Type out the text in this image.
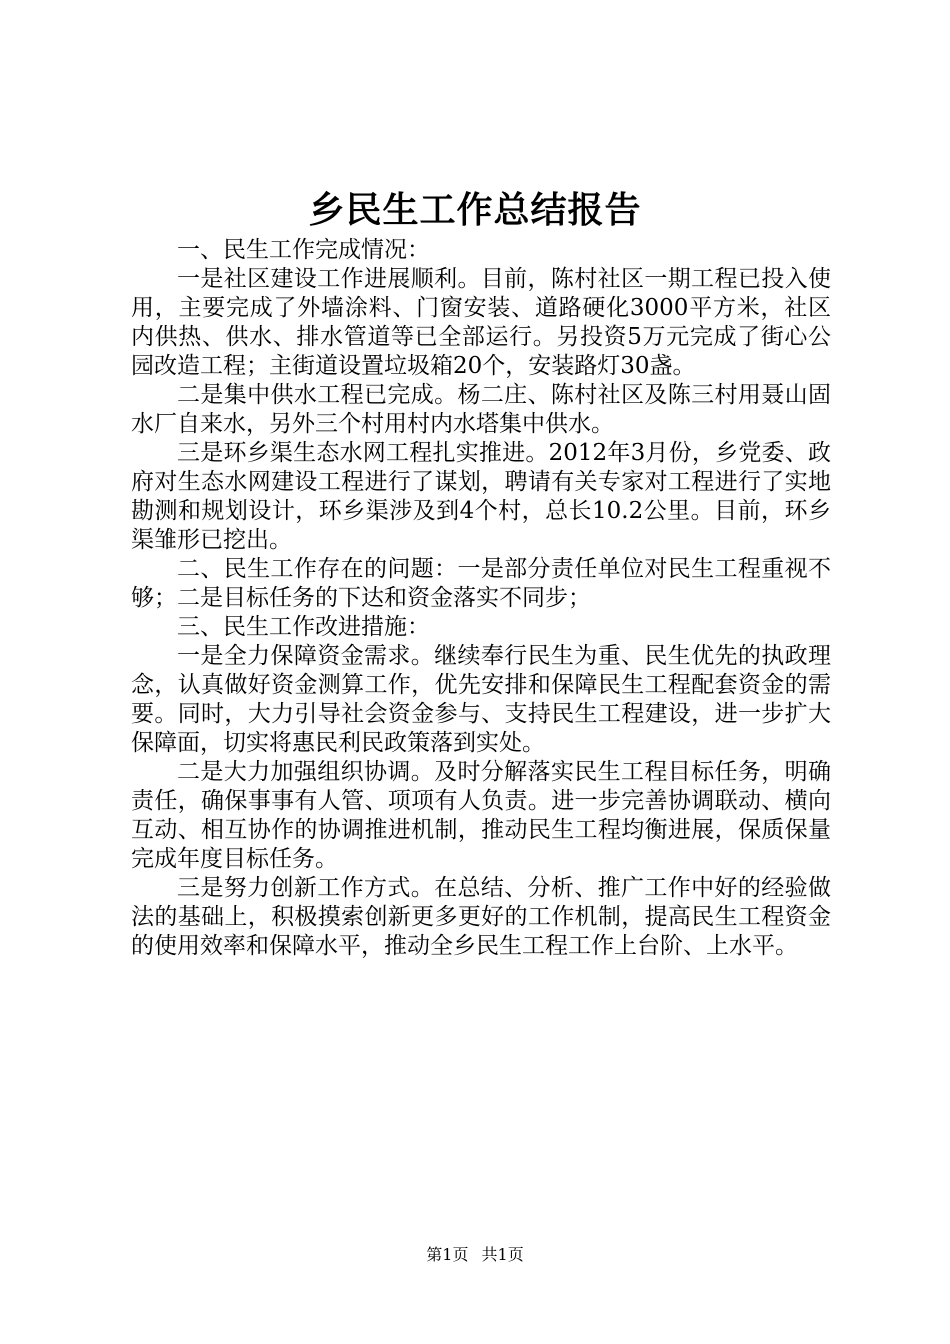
乡民生工作总结报告

一、民生工作完成情况：

一是社区建设工作进展顺利。目前，陈村社区一期工程已投入使用，主要完成了外墙涂料、门窗安装、道路硬化3000平方米，社区内供热、供水、排水管道等已全部运行。另投资5万元完成了街心公园改造工程；主街道设置垃圾箱20个，安装路灯30盏。

二是集中供水工程已完成。杨二庄、陈村社区及陈三村用聂山固水厂自来水，另外三个村用村内水塔集中供水。

三是环乡渠生态水网工程扎实推进。2012年3月份，乡党委、政府对生态水网建设工程进行了谋划，聘请有关专家对工程进行了实地勘测和规划设计，环乡渠涉及到4个村，总长10.2公里。目前，环乡渠雏形已挖出。

二、民生工作存在的问题：一是部分责任单位对民生工程重视不够；二是目标任务的下达和资金落实不同步；

三、民生工作改进措施：

一是全力保障资金需求。继续奉行民生为重、民生优先的执政理念，认真做好资金测算工作，优先安排和保障民生工程配套资金的需要。同时，大力引导社会资金参与、支持民生工程建设，进一步扩大保障面，切实将惠民利民政策落到实处。

二是大力加强组织协调。及时分解落实民生工程目标任务，明确责任，确保事事有人管、项项有人负责。进一步完善协调联动、横向互动、相互协作的协调推进机制，推动民生工程均衡进展，保质保量完成年度目标任务。

三是努力创新工作方式。在总结、分析、推广工作中好的经验做法的基础上，积极摸索创新更多更好的工作机制，提高民生工程资金的使用效率和保障水平，推动全乡民生工程工作上台阶、上水平。

第1页 共1页
